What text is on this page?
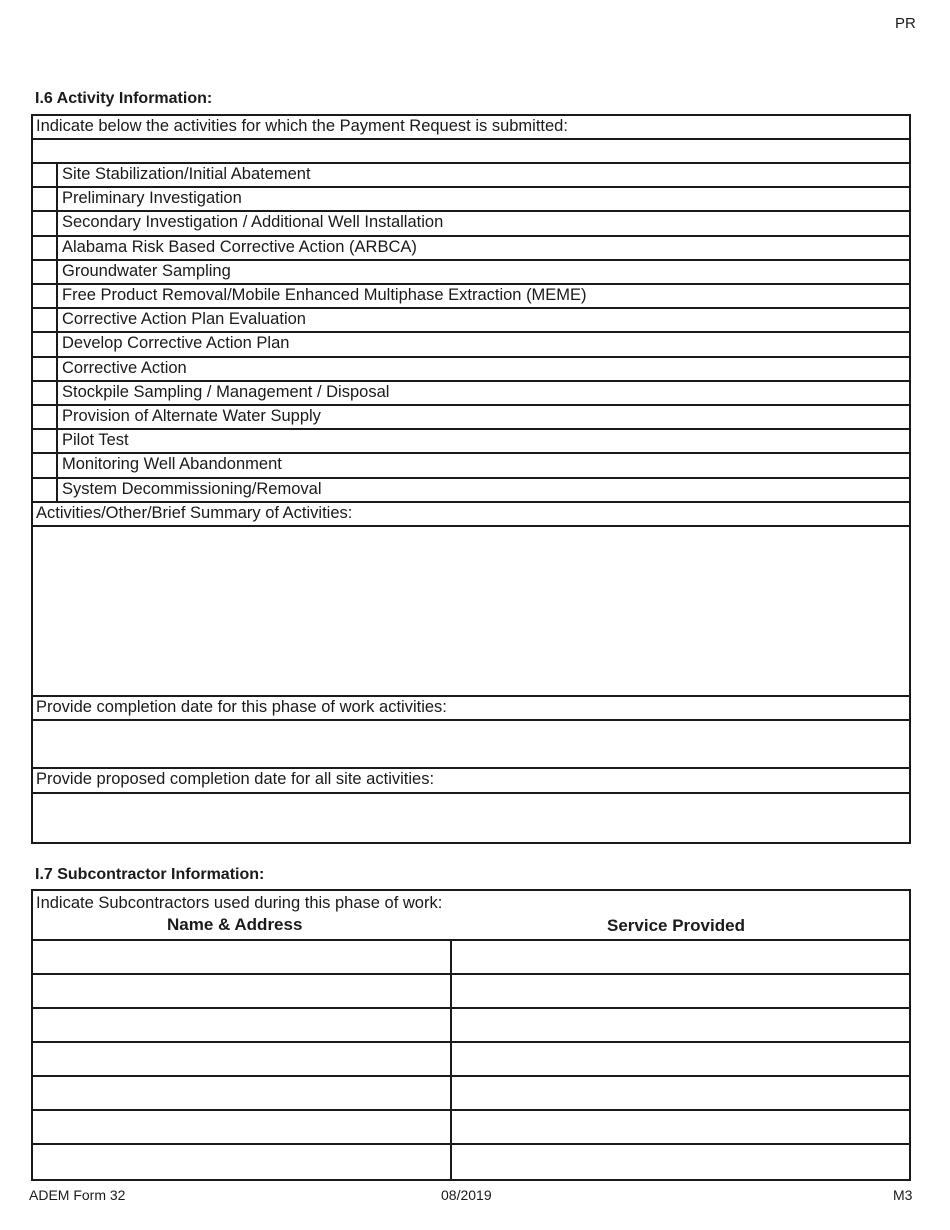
PR
I.6 Activity Information:
Indicate below the activities for which the Payment Request is submitted:
Site Stabilization/Initial Abatement
Preliminary Investigation
Secondary Investigation / Additional Well Installation
Alabama Risk Based Corrective Action (ARBCA)
Groundwater Sampling
Free Product Removal/Mobile Enhanced Multiphase Extraction (MEME)
Corrective Action Plan Evaluation
Develop Corrective Action Plan
Corrective Action
Stockpile Sampling / Management / Disposal
Provision of Alternate Water Supply
Pilot Test
Monitoring Well Abandonment
System Decommissioning/Removal
Activities/Other/Brief Summary of Activities:
Provide completion date for this phase of work activities:
Provide proposed completion date for all site activities:
I.7 Subcontractor Information:
Indicate Subcontractors used during this phase of work:
Name & Address	Service Provided
ADEM Form 32	08/2019	M3
